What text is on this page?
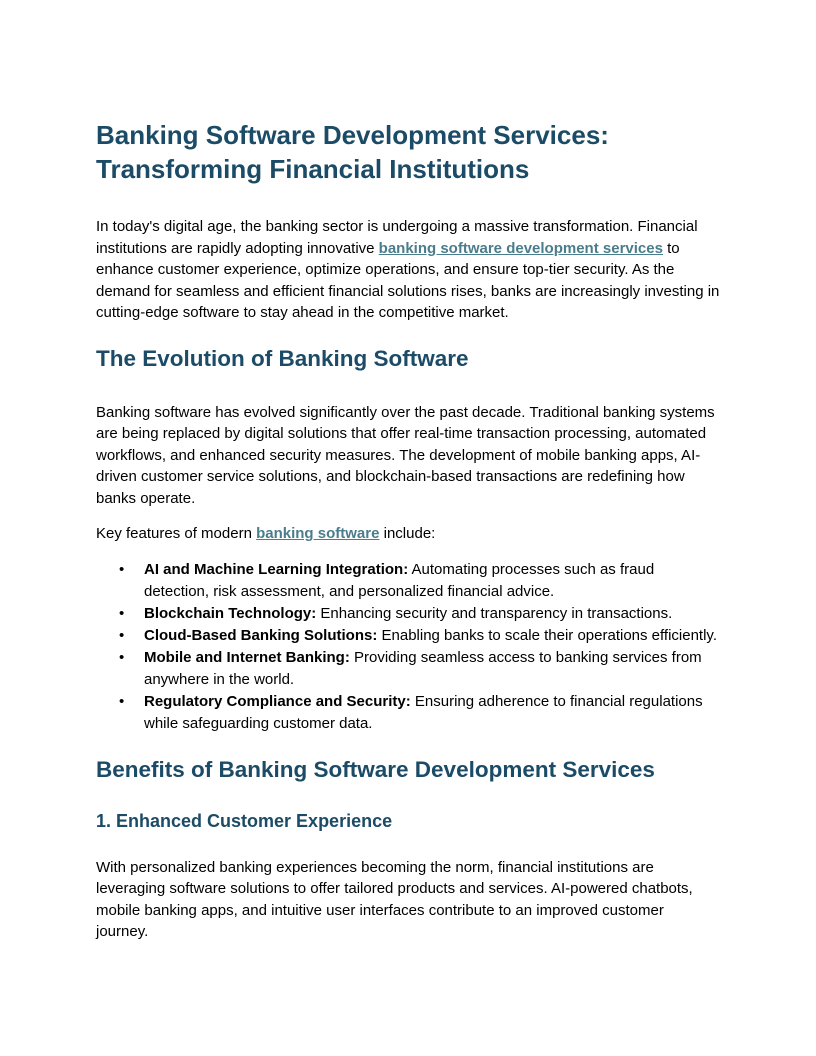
Banking Software Development Services:
Transforming Financial Institutions

In today's digital age, the banking sector is undergoing a massive transformation. Financial institutions are rapidly adopting innovative banking software development services to enhance customer experience, optimize operations, and ensure top-tier security. As the demand for seamless and efficient financial solutions rises, banks are increasingly investing in cutting-edge software to stay ahead in the competitive market.

The Evolution of Banking Software

Banking software has evolved significantly over the past decade. Traditional banking systems are being replaced by digital solutions that offer real-time transaction processing, automated workflows, and enhanced security measures. The development of mobile banking apps, AI-driven customer service solutions, and blockchain-based transactions are redefining how banks operate.

Key features of modern banking software include:

• AI and Machine Learning Integration: Automating processes such as fraud detection, risk assessment, and personalized financial advice.
• Blockchain Technology: Enhancing security and transparency in transactions.
• Cloud-Based Banking Solutions: Enabling banks to scale their operations efficiently.
• Mobile and Internet Banking: Providing seamless access to banking services from anywhere in the world.
• Regulatory Compliance and Security: Ensuring adherence to financial regulations while safeguarding customer data.
Benefits of Banking Software Development Services
1. Enhanced Customer Experience

With personalized banking experiences becoming the norm, financial institutions are leveraging software solutions to offer tailored products and services. AI-powered chatbots, mobile banking apps, and intuitive user interfaces contribute to an improved customer journey.
